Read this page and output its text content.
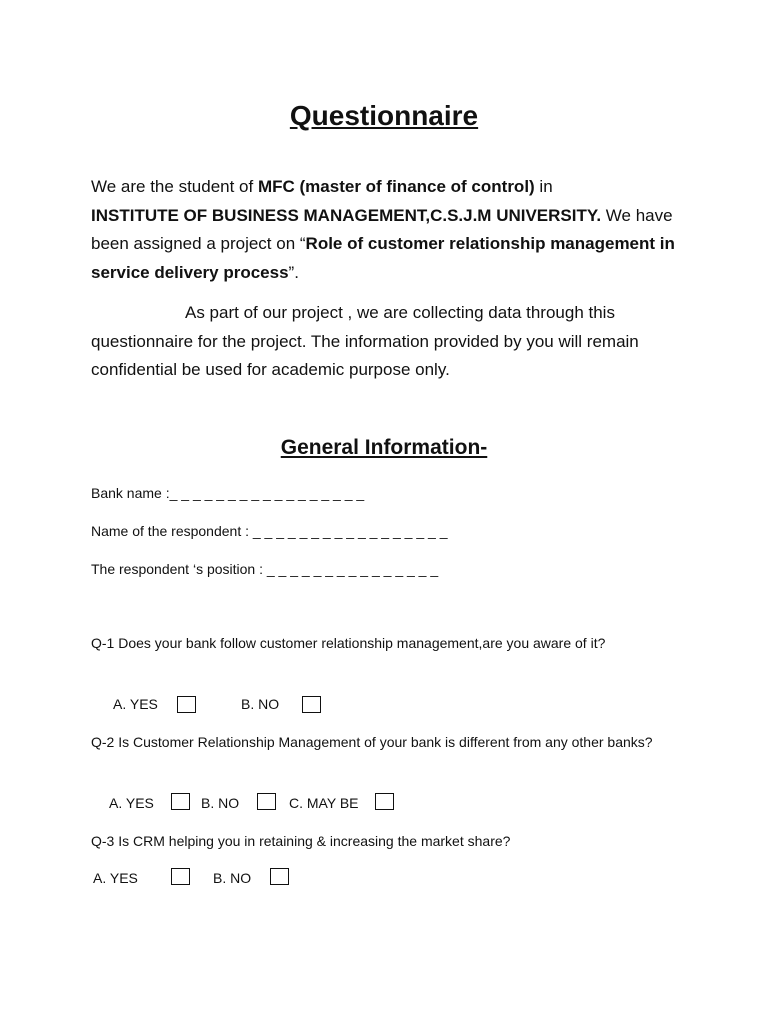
Questionnaire
We are the student of MFC (master of finance of control) in
INSTITUTE OF BUSINESS MANAGEMENT,C.S.J.M UNIVERSITY. We have been assigned a project on “Role of customer relationship management in service delivery process”.
As part of our project , we are collecting data through this questionnaire for the project. The information provided by you will remain confidential be used for academic purpose only.
General Information-
Bank name :_ _ _ _ _ _ _ _ _ _ _ _ _ _ _ _ _
Name of the respondent : _ _ _ _ _ _ _ _ _ _ _ _ _ _ _ _ _
The respondent ‘s position : _ _ _ _ _ _ _ _ _ _ _ _ _ _ _
Q-1 Does your bank follow customer relationship management,are you aware of it?
A. YES	B. NO
Q-2 Is Customer Relationship Management of your bank is different from any other banks?
A. YES	B. NO	C. MAY BE
Q-3 Is CRM helping you in retaining & increasing the market share?
A. YES	B. NO
